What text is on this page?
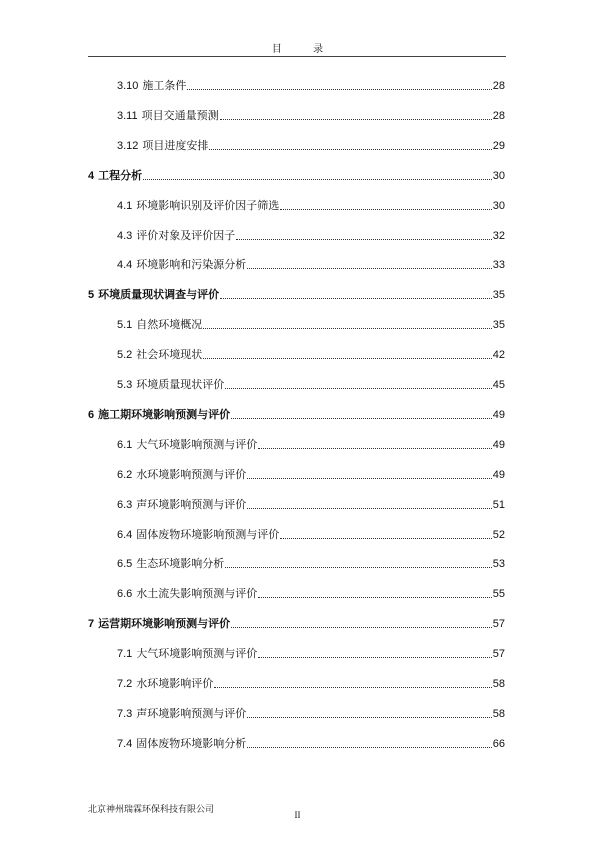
目 录
3.10 施工条件	28
3.11 项目交通量预测	28
3.12 项目进度安排	29
4 工程分析	30
4.1 环境影响识别及评价因子筛选	30
4.3 评价对象及评价因子	32
4.4 环境影响和污染源分析	33
5 环境质量现状调查与评价	35
5.1 自然环境概况	35
5.2 社会环境现状	42
5.3 环境质量现状评价	45
6 施工期环境影响预测与评价	49
6.1 大气环境影响预测与评价	49
6.2 水环境影响预测与评价	49
6.3 声环境影响预测与评价	51
6.4 固体废物环境影响预测与评价	52
6.5 生态环境影响分析	53
6.6 水土流失影响预测与评价	55
7 运营期环境影响预测与评价	57
7.1 大气环境影响预测与评价	57
7.2 水环境影响评价	58
7.3 声环境影响预测与评价	58
7.4 固体废物环境影响分析	66
北京神州瑞霖环保科技有限公司	II
